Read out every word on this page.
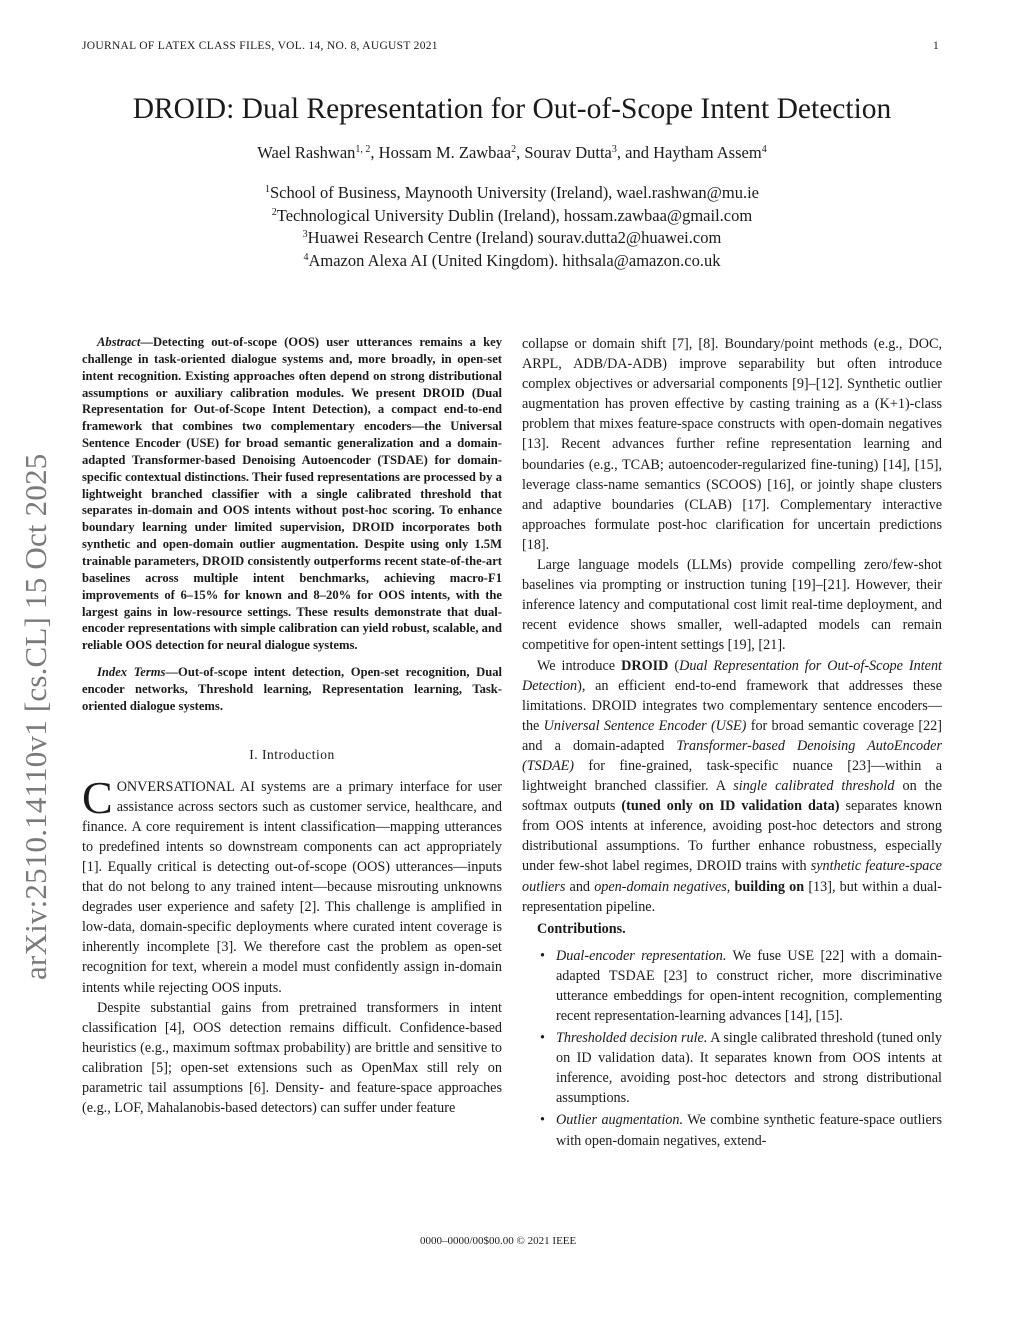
JOURNAL OF LATEX CLASS FILES, VOL. 14, NO. 8, AUGUST 2021	1
DROID: Dual Representation for Out-of-Scope Intent Detection
Wael Rashwan$^{1, 2}$, Hossam M. Zawbaa$^2$, Sourav Dutta$^3$, and Haytham Assem$^4$
$^1$School of Business, Maynooth University (Ireland), wael.rashwan@mu.ie
$^2$Technological University Dublin (Ireland), hossam.zawbaa@gmail.com
$^3$Huawei Research Centre (Ireland) sourav.dutta2@huawei.com
$^4$Amazon Alexa AI (United Kingdom). hithsala@amazon.co.uk
arXiv:2510.14110v1 [cs.CL] 15 Oct 2025

Abstract—Detecting out-of-scope (OOS) user utterances remains a key challenge in task-oriented dialogue systems and, more broadly, in open-set intent recognition. Existing approaches often depend on strong distributional assumptions or auxiliary calibration modules. We present DROID (Dual Representation for Out-of-Scope Intent Detection), a compact end-to-end framework that combines two complementary encoders—the Universal Sentence Encoder (USE) for broad semantic generalization and a domain-adapted Transformer-based Denoising Autoencoder (TSDAE) for domain-specific contextual distinctions. Their fused representations are processed by a lightweight branched classifier with a single calibrated threshold that separates in-domain and OOS intents without post-hoc scoring. To enhance boundary learning under limited supervision, DROID incorporates both synthetic and open-domain outlier augmentation. Despite using only 1.5M trainable parameters, DROID consistently outperforms recent state-of-the-art baselines across multiple intent benchmarks, achieving macro-F1 improvements of 6–15% for known and 8–20% for OOS intents, with the largest gains in low-resource settings. These results demonstrate that dual-encoder representations with simple calibration can yield robust, scalable, and reliable OOS detection for neural dialogue systems.

Index Terms—Out-of-scope intent detection, Open-set recognition, Dual encoder networks, Threshold learning, Representation learning, Task-oriented dialogue systems.

I. Introduction

CONVERSATIONAL AI systems are a primary interface for user assistance across sectors such as customer service, healthcare, and finance. A core requirement is intent classification—mapping utterances to predefined intents so downstream components can act appropriately [1]. Equally critical is detecting out-of-scope (OOS) utterances—inputs that do not belong to any trained intent—because misrouting unknowns degrades user experience and safety [2]. This challenge is amplified in low-data, domain-specific deployments where curated intent coverage is inherently incomplete [3]. We therefore cast the problem as open-set recognition for text, wherein a model must confidently assign in-domain intents while rejecting OOS inputs.

Despite substantial gains from pretrained transformers in intent classification [4], OOS detection remains difficult. Confidence-based heuristics (e.g., maximum softmax probability) are brittle and sensitive to calibration [5]; open-set extensions such as OpenMax still rely on parametric tail assumptions [6]. Density- and feature-space approaches (e.g., LOF, Mahalanobis-based detectors) can suffer under feature

collapse or domain shift [7], [8]. Boundary/point methods (e.g., DOC, ARPL, ADB/DA-ADB) improve separability but often introduce complex objectives or adversarial components [9]–[12]. Synthetic outlier augmentation has proven effective by casting training as a (K+1)-class problem that mixes feature-space constructs with open-domain negatives [13]. Recent advances further refine representation learning and boundaries (e.g., TCAB; autoencoder-regularized fine-tuning) [14], [15], leverage class-name semantics (SCOOS) [16], or jointly shape clusters and adaptive boundaries (CLAB) [17]. Complementary interactive approaches formulate post-hoc clarification for uncertain predictions [18].

Large language models (LLMs) provide compelling zero/few-shot baselines via prompting or instruction tuning [19]–[21]. However, their inference latency and computational cost limit real-time deployment, and recent evidence shows smaller, well-adapted models can remain competitive for open-intent settings [19], [21].

We introduce DROID (Dual Representation for Out-of-Scope Intent Detection), an efficient end-to-end framework that addresses these limitations. DROID integrates two complementary sentence encoders—the Universal Sentence Encoder (USE) for broad semantic coverage [22] and a domain-adapted Transformer-based Denoising AutoEncoder (TSDAE) for fine-grained, task-specific nuance [23]—within a lightweight branched classifier. A single calibrated threshold on the softmax outputs (tuned only on ID validation data) separates known from OOS intents at inference, avoiding post-hoc detectors and strong distributional assumptions. To further enhance robustness, especially under few-shot label regimes, DROID trains with synthetic feature-space outliers and open-domain negatives, building on [13], but within a dual-representation pipeline.

Contributions.
• Dual-encoder representation. We fuse USE [22] with a domain-adapted TSDAE [23] to construct richer, more discriminative utterance embeddings for open-intent recognition, complementing recent representation-learning advances [14], [15].
• Thresholded decision rule. A single calibrated threshold (tuned only on ID validation data). It separates known from OOS intents at inference, avoiding post-hoc detectors and strong distributional assumptions.
• Outlier augmentation. We combine synthetic feature-space outliers with open-domain negatives, extend-
0000–0000/00$00.00 © 2021 IEEE
